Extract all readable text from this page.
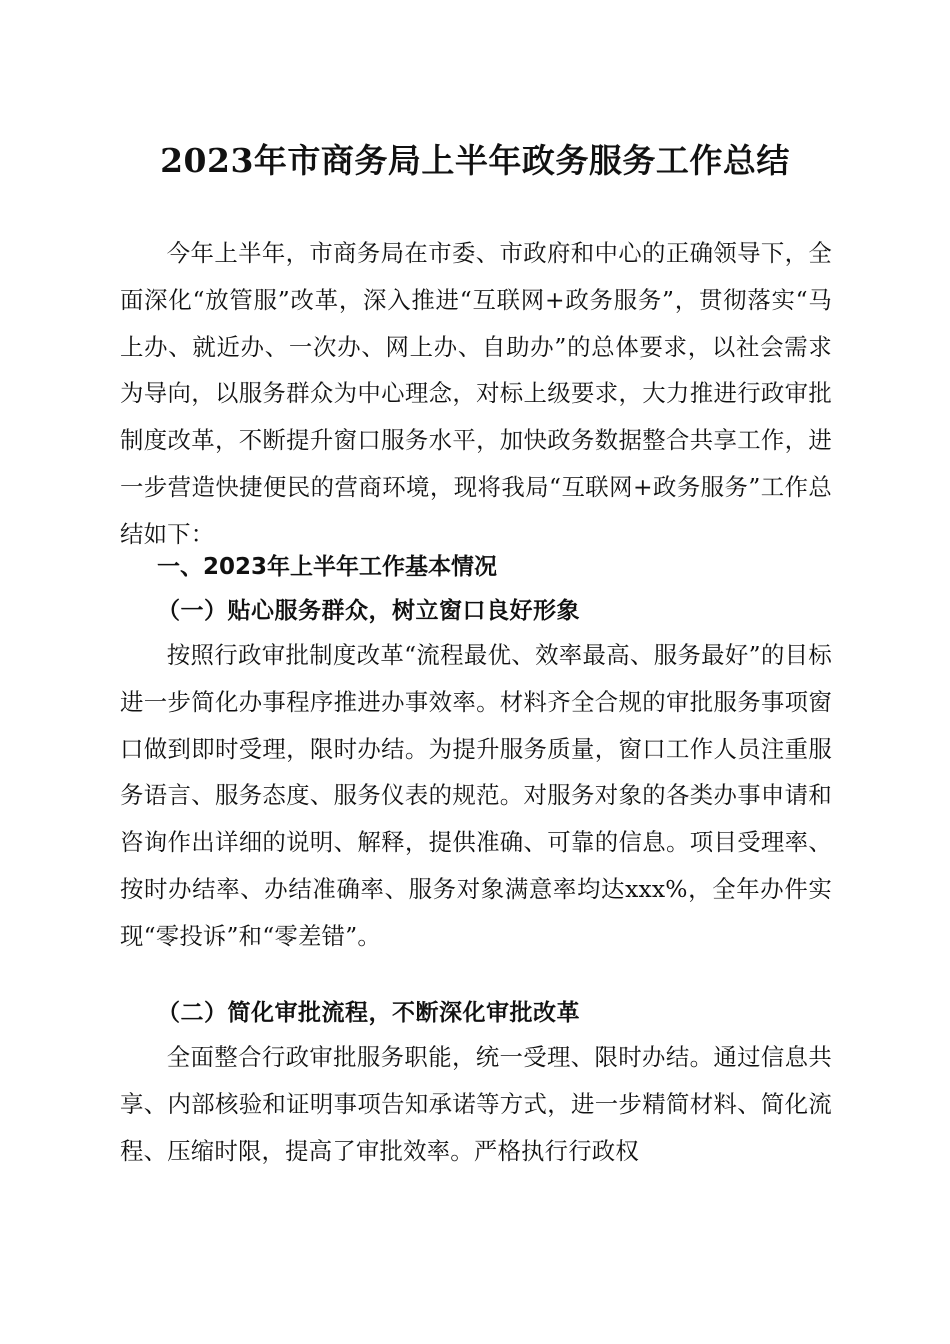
2023年市商务局上半年政务服务工作总结

今年上半年，市商务局在市委、市政府和中心的正确领导下，全面深化“放管服”改革，深入推进“互联网+政务服务”，贯彻落实“马上办、就近办、一次办、网上办、自助办”的总体要求，以社会需求为导向，以服务群众为中心理念，对标上级要求，大力推进行政审批制度改革，不断提升窗口服务水平，加快政务数据整合共享工作，进一步营造快捷便民的营商环境，现将我局“互联网+政务服务”工作总结如下：

一、2023年上半年工作基本情况
（一）贴心服务群众，树立窗口良好形象

按照行政审批制度改革“流程最优、效率最高、服务最好”的目标进一步简化办事程序推进办事效率。材料齐全合规的审批服务事项窗口做到即时受理，限时办结。为提升服务质量，窗口工作人员注重服务语言、服务态度、服务仪表的规范。对服务对象的各类办事申请和咨询作出详细的说明、解释，提供准确、可靠的信息。项目受理率、按时办结率、办结准确率、服务对象满意率均达xxx%，全年办件实现“零投诉”和“零差错”。

（二）简化审批流程，不断深化审批改革

全面整合行政审批服务职能，统一受理、限时办结。通过信息共享、内部核验和证明事项告知承诺等方式，进一步精简材料、简化流程、压缩时限，提高了审批效率。严格执行行政权
